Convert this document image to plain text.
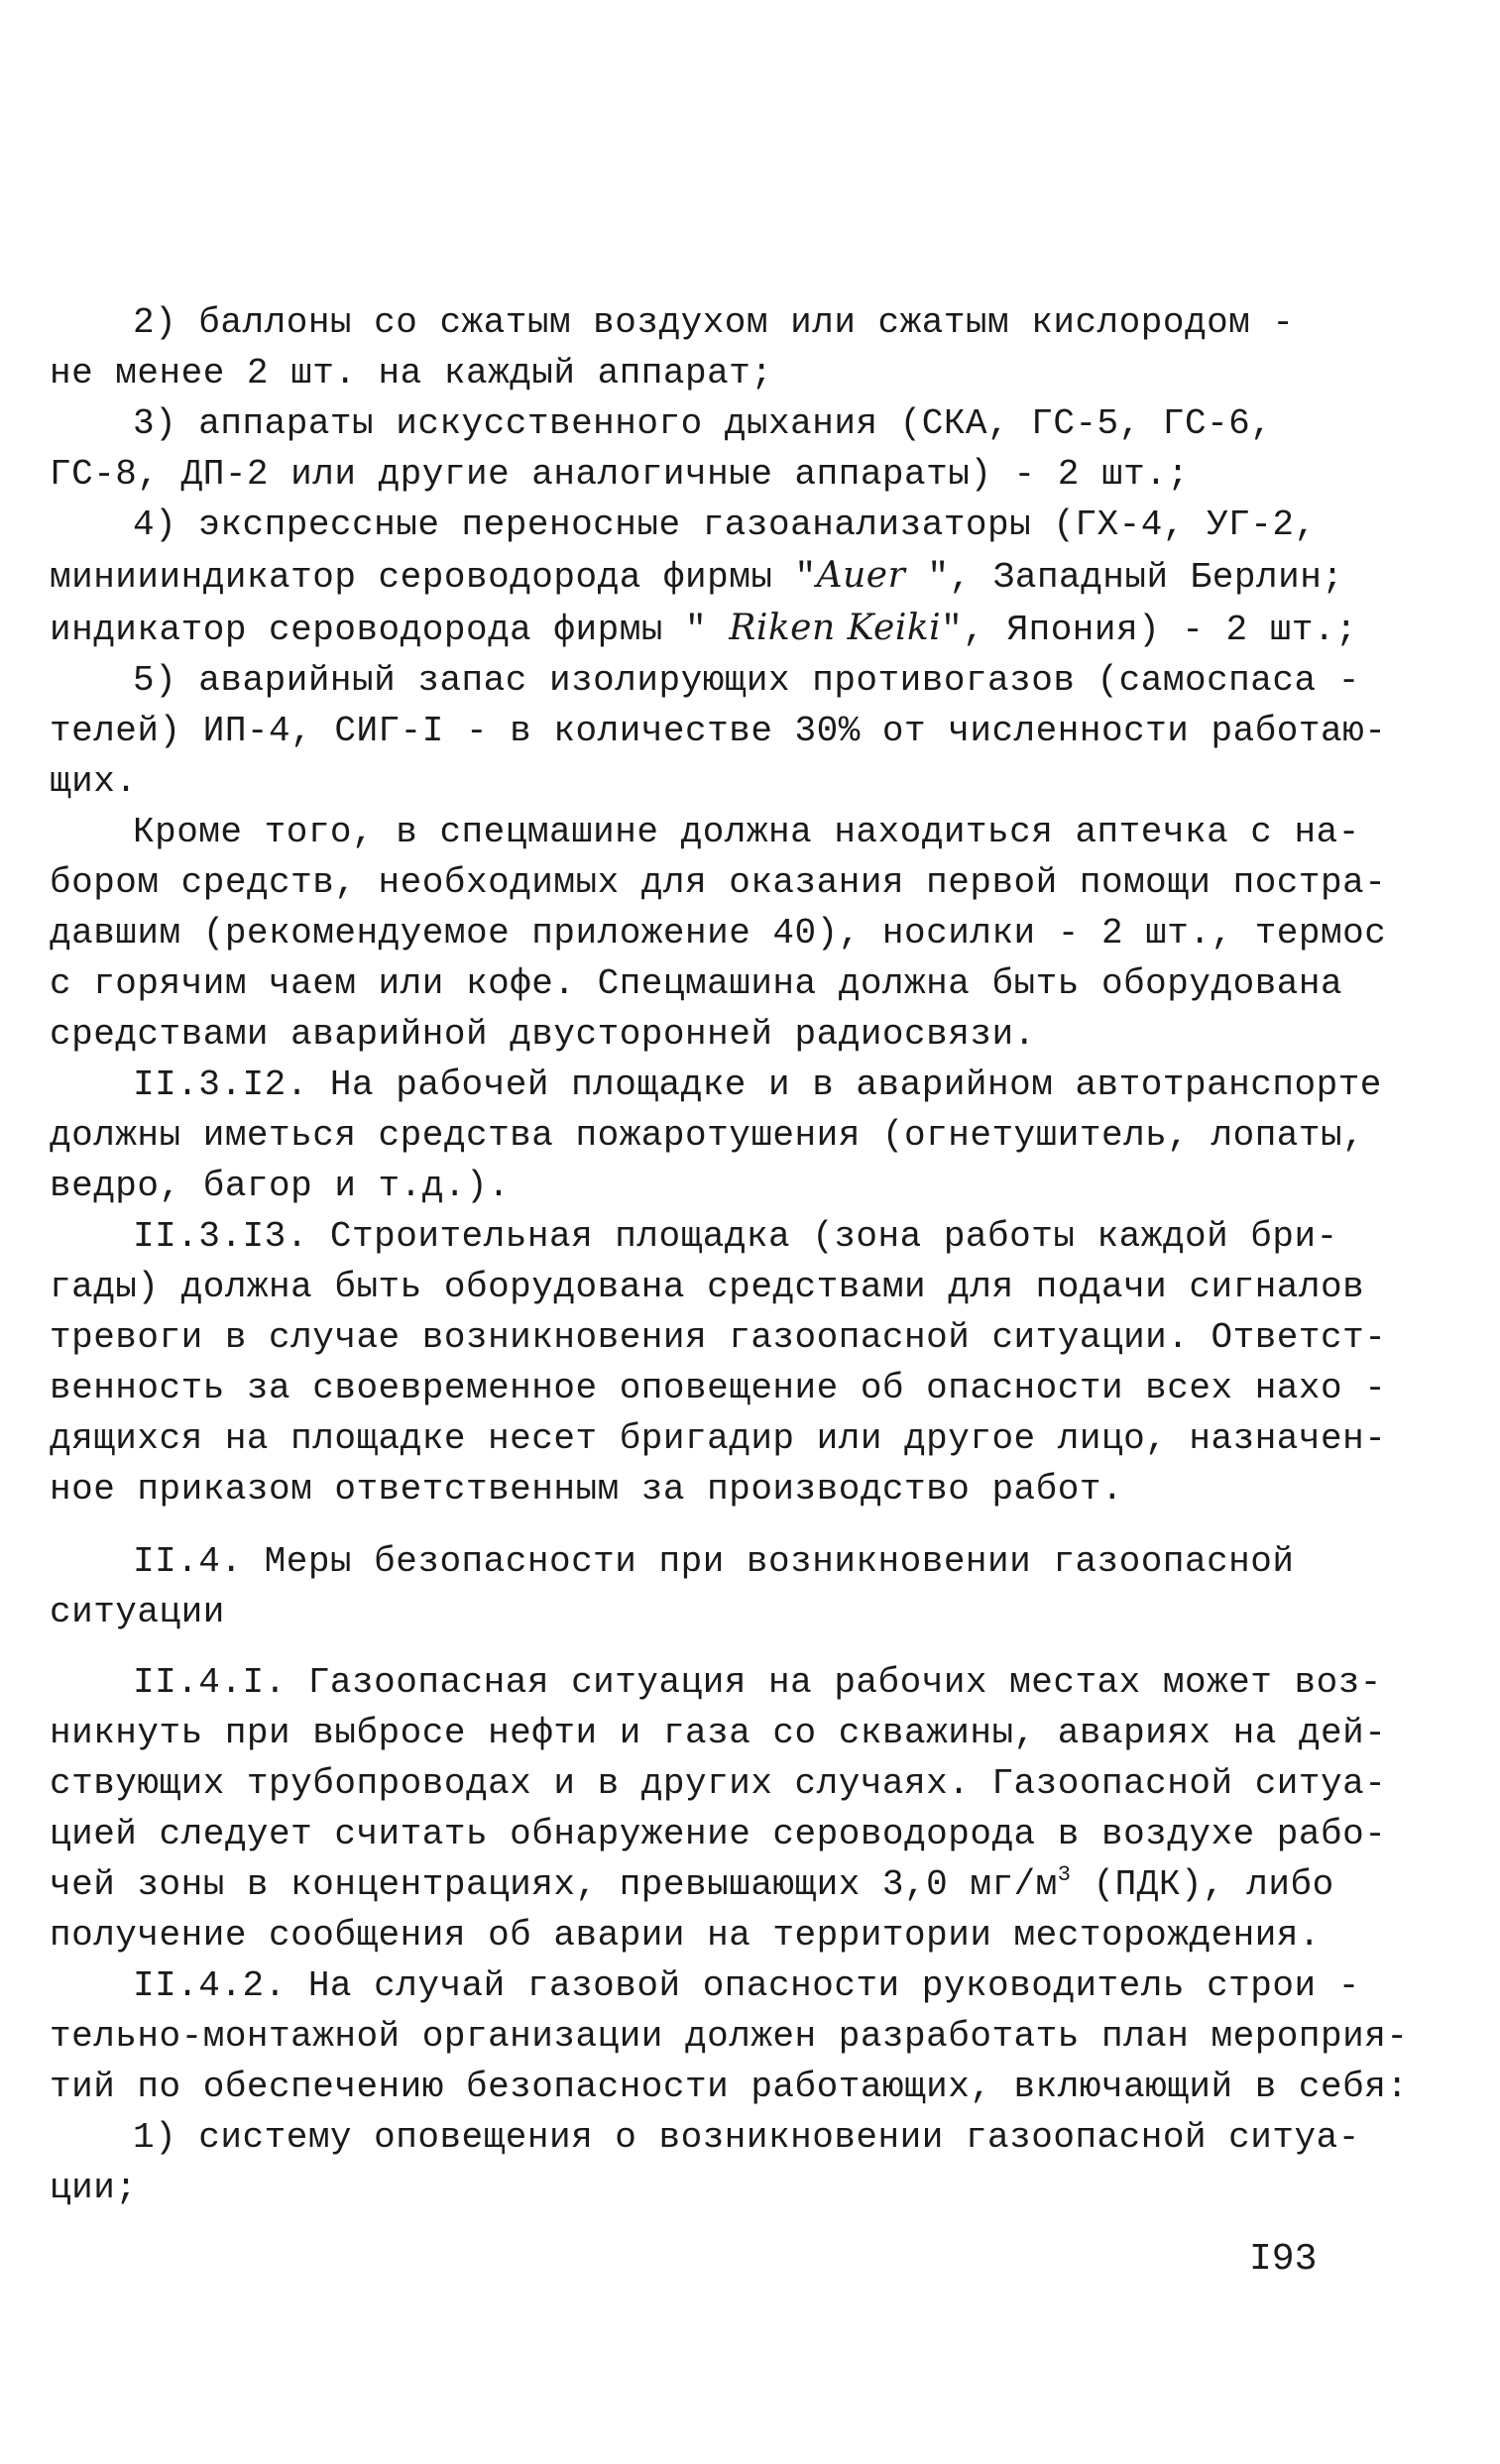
2) баллоны со сжатым воздухом или сжатым кислородом -
не менее 2 шт. на каждый аппарат;
3) аппараты искусственного дыхания (СКА, ГС-5, ГС-6,
ГС-8, ДП-2 или другие аналогичные аппараты) - 2 шт.;
4) экспрессные переносные газоанализаторы (ГХ-4, УГ-2,
миниииндикатор сероводорода фирмы "Auer ", Западный Берлин;
индикатор сероводорода фирмы " Riken Keiki", Япония) - 2 шт.;
5) аварийный запас изолирующих противогазов (самоспаса -
телей) ИП-4, СИГ-I - в количестве 30% от численности работаю-
щих.
Кроме того, в спецмашине должна находиться аптечка с на-
бором средств, необходимых для оказания первой помощи постра-
давшим (рекомендуемое приложение 40), носилки - 2 шт., термос
с горячим чаем или кофе. Спецмашина должна быть оборудована
средствами аварийной двусторонней радиосвязи.
II.3.I2. На рабочей площадке и в аварийном автотранспорте
должны иметься средства пожаротушения (огнетушитель, лопаты,
ведро, багор и т.д.).
II.3.I3. Строительная площадка (зона работы каждой бри-
гады) должна быть оборудована средствами для подачи сигналов
тревоги в случае возникновения газоопасной ситуации. Ответст-
венность за своевременное оповещение об опасности всех нахо -
дящихся на площадке несет бригадир или другое лицо, назначен-
ное приказом ответственным за производство работ.
II.4. Меры безопасности при возникновении газоопасной
ситуации
II.4.I. Газоопасная ситуация на рабочих местах может воз-
никнуть при выбросе нефти и газа со скважины, авариях на дей-
ствующих трубопроводах и в других случаях. Газоопасной ситуа-
цией следует считать обнаружение сероводорода в воздухе рабо-
чей зоны в концентрациях, превышающих 3,0 $мг/м^3$ (ПДК), либо
получение сообщения об аварии на территории месторождения.
II.4.2. На случай газовой опасности руководитель строи -
тельно-монтажной организации должен разработать план мероприя-
тий по обеспечению безопасности работающих, включающий в себя:
1) систему оповещения о возникновении газоопасной ситуа-
ции;
I93
